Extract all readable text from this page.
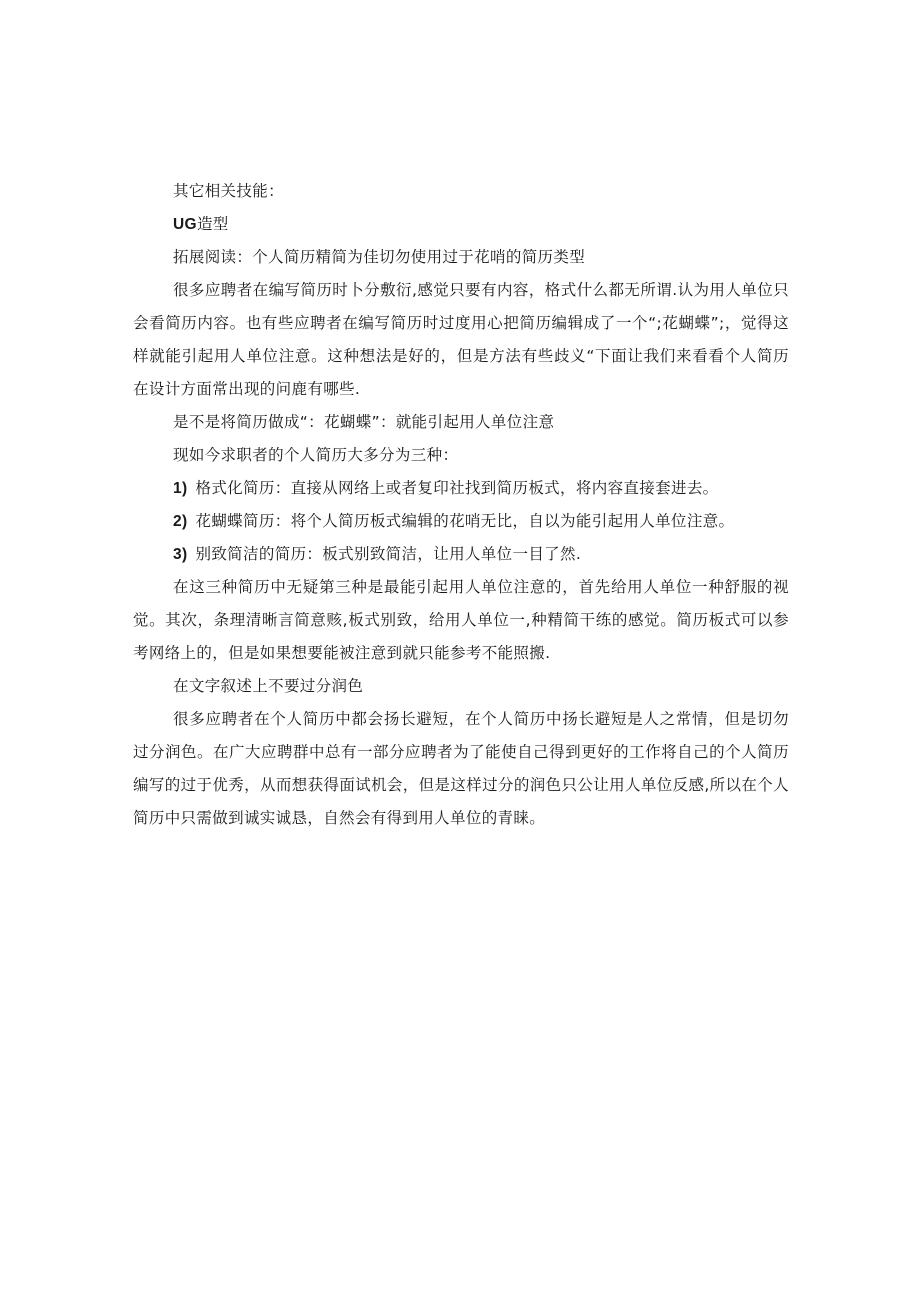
其它相关技能：

UG造型

拓展阅读：个人简历精简为佳切勿使用过于花哨的简历类型

很多应聘者在编写简历时卜分敷衍,感觉只要有内容，格式什么都无所谓.认为用人单位只会看简历内容。也有些应聘者在编写简历时过度用心把简历编辑成了一个“;花蝴蝶”;，觉得这样就能引起用人单位注意。这种想法是好的，但是方法有些歧义“下面让我们来看看个人简历在设计方面常出现的问鹿有哪些.

是不是将简历做成“：花蝴蝶”：就能引起用人单位注意

现如今求职者的个人简历大多分为三种：

1) 格式化简历：直接从网络上或者复印社找到简历板式，将内容直接套进去。

2) 花蝴蝶简历：将个人简历板式编辑的花哨无比，自以为能引起用人单位注意。

3) 别致简洁的简历：板式别致简洁，让用人单位一目了然.

在这三种简历中无疑第三种是最能引起用人单位注意的，首先给用人单位一种舒服的视觉。其次，条理清晰言简意赅,板式别致，给用人单位一,种精简干练的感觉。简历板式可以参考网络上的，但是如果想要能被注意到就只能参考不能照搬.

在文字叙述上不要过分润色

很多应聘者在个人简历中都会扬长避短，在个人简历中扬长避短是人之常情，但是切勿过分润色。在广大应聘群中总有一部分应聘者为了能使自己得到更好的工作将自己的个人简历编写的过于优秀，从而想获得面试机会，但是这样过分的润色只公让用人单位反感,所以在个人简历中只需做到诚实诚恳，自然会有得到用人单位的青睐。
